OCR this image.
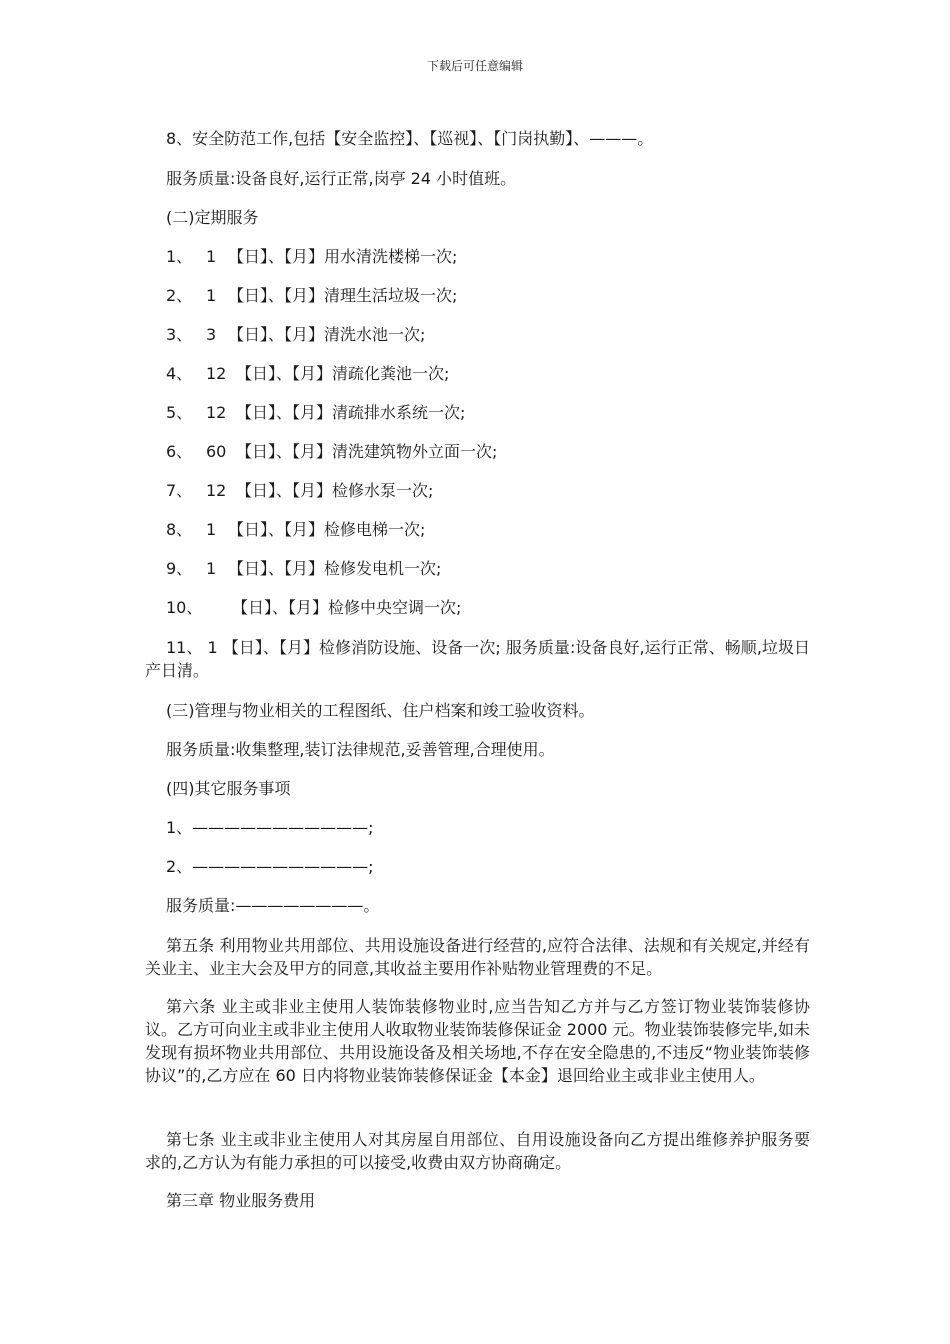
下载后可任意编辑
8、安全防范工作,包括【安全监控】、【巡视】、【门岗执勤】、———。
服务质量:设备良好,运行正常,岗亭 24 小时值班。
(二)定期服务
1、 1 【日】、【月】用水清洗楼梯一次;
2、 1 【日】、【月】清理生活垃圾一次;
3、 3 【日】、【月】清洗水池一次;
4、 12 【日】、【月】清疏化粪池一次;
5、 12 【日】、【月】清疏排水系统一次;
6、 60 【日】、【月】清洗建筑物外立面一次;
7、 12 【日】、【月】检修水泵一次;
8、 1 【日】、【月】检修电梯一次;
9、 1 【日】、【月】检修发电机一次;
10、 【日】、【月】检修中央空调一次;
11、 1 【日】、【月】检修消防设施、设备一次; 服务质量:设备良好,运行正常、畅顺,垃圾日产日清。
(三)管理与物业相关的工程图纸、住户档案和竣工验收资料。
服务质量:收集整理,装订法律规范,妥善管理,合理使用。
(四)其它服务事项
1、———————————;
2、———————————;
服务质量:————————。
第五条 利用物业共用部位、共用设施设备进行经营的,应符合法律、法规和有关规定,并经有关业主、业主大会及甲方的同意,其收益主要用作补贴物业管理费的不足。
第六条 业主或非业主使用人装饰装修物业时,应当告知乙方并与乙方签订物业装饰装修协议。乙方可向业主或非业主使用人收取物业装饰装修保证金 2000 元。物业装饰装修完毕,如未发现有损坏物业共用部位、共用设施设备及相关场地,不存在安全隐患的,不违反“物业装饰装修协议”的,乙方应在 60 日内将物业装饰装修保证金【本金】退回给业主或非业主使用人。
第七条 业主或非业主使用人对其房屋自用部位、自用设施设备向乙方提出维修养护服务要求的,乙方认为有能力承担的可以接受,收费由双方协商确定。
第三章 物业服务费用
